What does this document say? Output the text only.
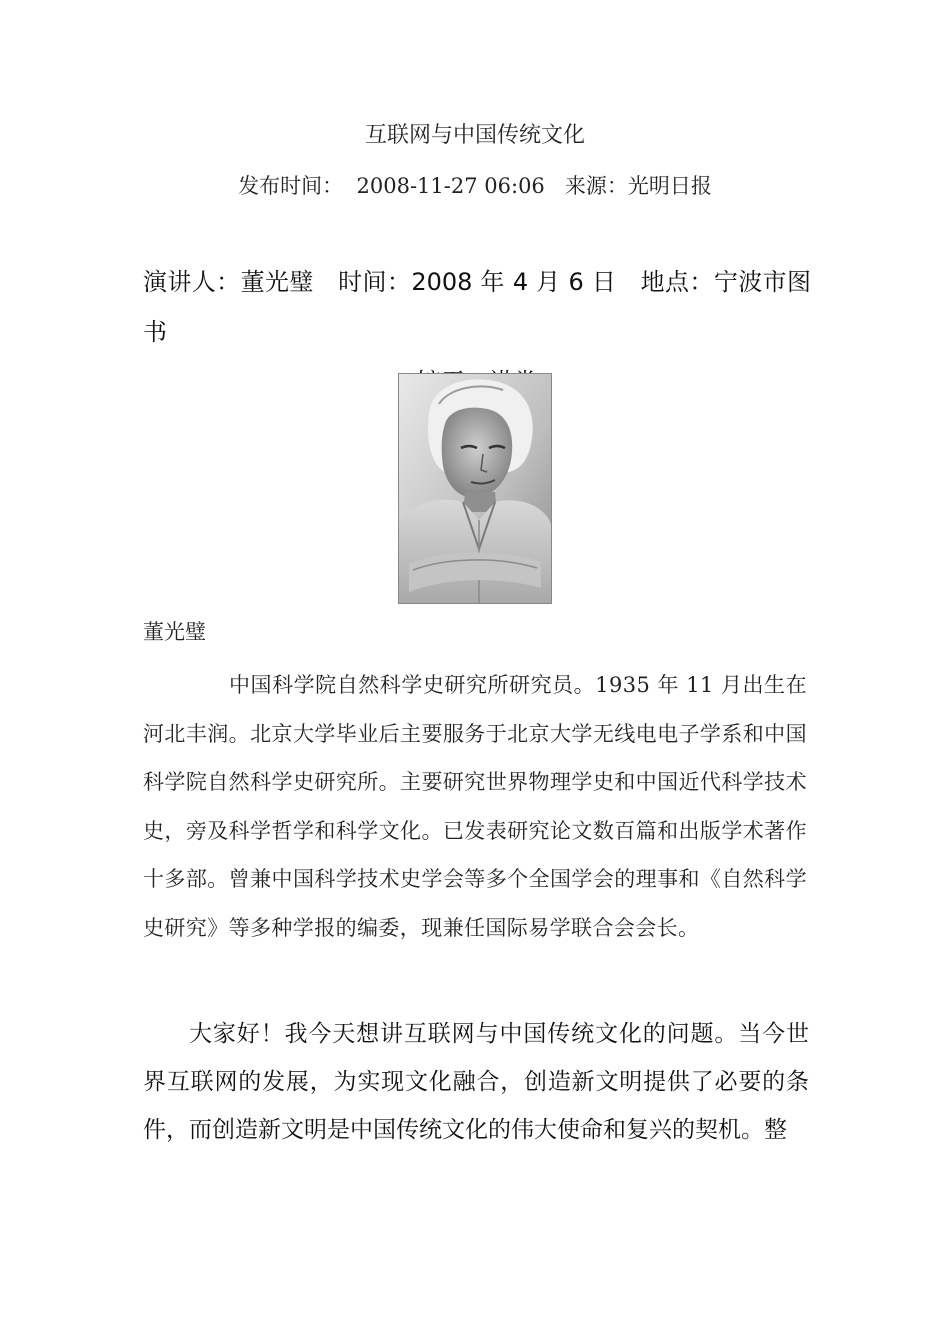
互联网与中国传统文化
发布时间：  2008-11-27 06:06   来源：光明日报
演讲人：董光璧　时间：2008 年 4 月 6 日　地点：宁波市图书
董光璧

中国科学院自然科学史研究所研究员。1935 年 11 月出生在河北丰润。北京大学毕业后主要服务于北京大学无线电电子学系和中国科学院自然科学史研究所。主要研究世界物理学史和中国近代科学技术史，旁及科学哲学和科学文化。已发表研究论文数百篇和出版学术著作十多部。曾兼中国科学技术史学会等多个全国学会的理事和《自然科学史研究》等多种学报的编委，现兼任国际易学联合会会长。

大家好！我今天想讲互联网与中国传统文化的问题。当今世界互联网的发展，为实现文化融合，创造新文明提供了必要的条件，而创造新文明是中国传统文化的伟大使命和复兴的契机。整
